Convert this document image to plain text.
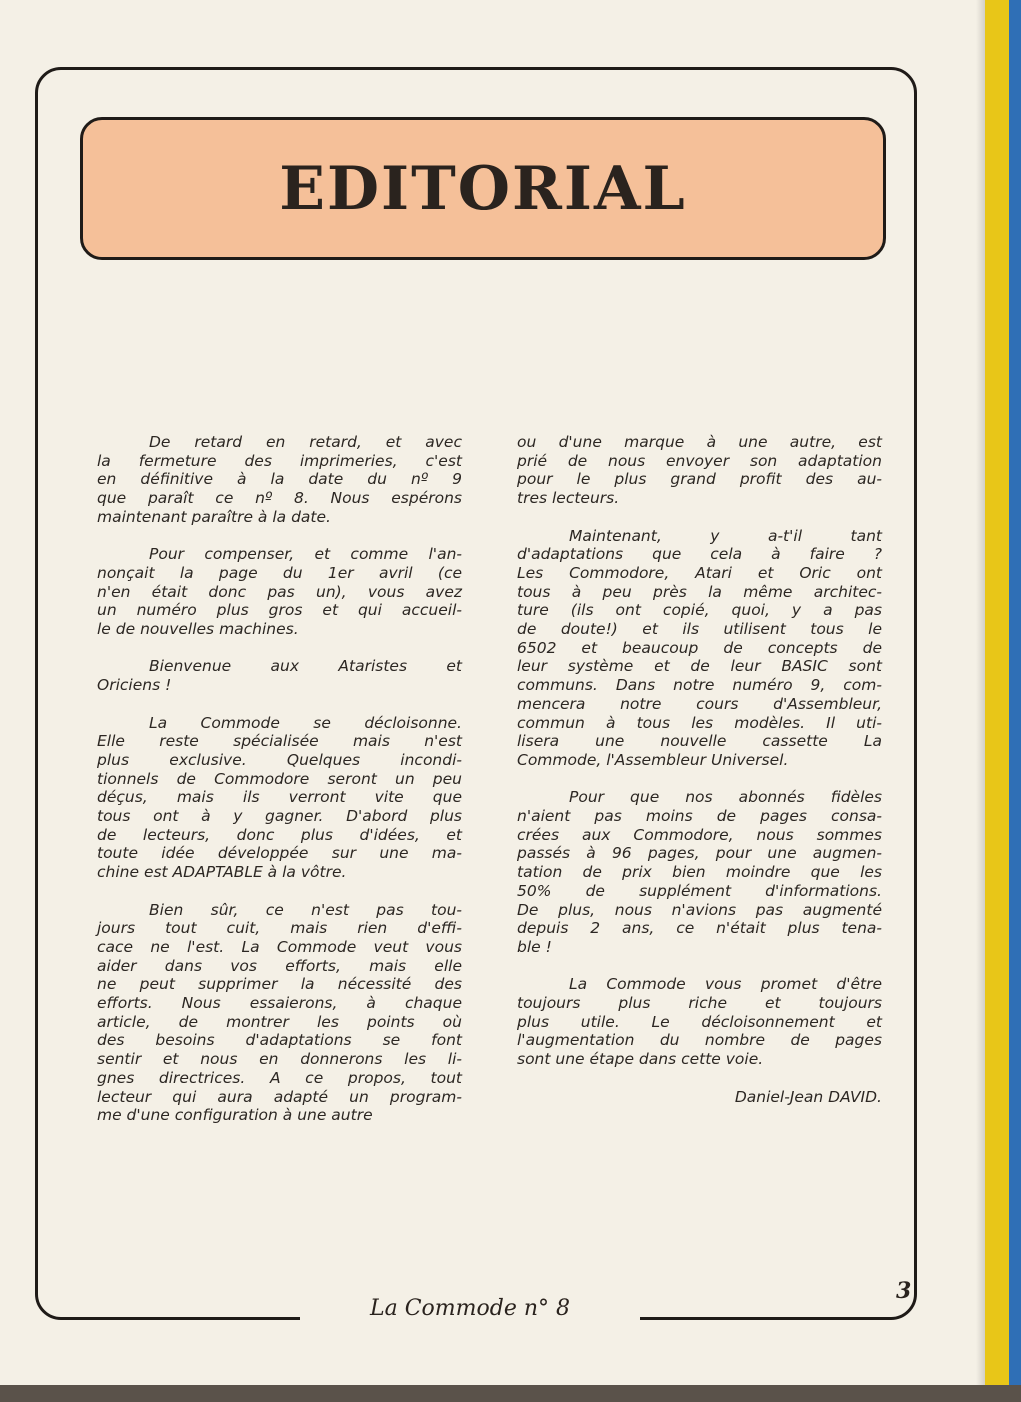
EDITORIAL

De retard en retard, et avec
la fermeture des imprimeries, c'est
en définitive à la date du nº 9
que paraît ce nº 8. Nous espérons
maintenant paraître à la date.

Pour compenser, et comme l'an-
nonçait la page du 1er avril (ce
n'en était donc pas un), vous avez
un numéro plus gros et qui accueil-
le de nouvelles machines.

Bienvenue aux Ataristes et
Oriciens !

La Commode se décloisonne.
Elle reste spécialisée mais n'est
plus exclusive. Quelques incondi-
tionnels de Commodore seront un peu
déçus, mais ils verront vite que
tous ont à y gagner. D'abord plus
de lecteurs, donc plus d'idées, et
toute idée développée sur une ma-
chine est ADAPTABLE à la vôtre.

Bien sûr, ce n'est pas tou-
jours tout cuit, mais rien d'effi-
cace ne l'est. La Commode veut vous
aider dans vos efforts, mais elle
ne peut supprimer la nécessité des
efforts. Nous essaierons, à chaque
article, de montrer les points où
des besoins d'adaptations se font
sentir et nous en donnerons les li-
gnes directrices. A ce propos, tout
lecteur qui aura adapté un program-
me d'une configuration à une autre

ou d'une marque à une autre, est
prié de nous envoyer son adaptation
pour le plus grand profit des au-
tres lecteurs.

Maintenant, y a-t'il tant
d'adaptations que cela à faire ?
Les Commodore, Atari et Oric ont
tous à peu près la même architec-
ture (ils ont copié, quoi, y a pas
de doute!) et ils utilisent tous le
6502 et beaucoup de concepts de
leur système et de leur BASIC sont
communs. Dans notre numéro 9, com-
mencera notre cours d'Assembleur,
commun à tous les modèles. Il uti-
lisera une nouvelle cassette La
Commode, l'Assembleur Universel.

Pour que nos abonnés fidèles
n'aient pas moins de pages consa-
crées aux Commodore, nous sommes
passés à 96 pages, pour une augmen-
tation de prix bien moindre que les
50% de supplément d'informations.
De plus, nous n'avions pas augmenté
depuis 2 ans, ce n'était plus tena-
ble !

La Commode vous promet d'être
toujours plus riche et toujours
plus utile. Le décloisonnement et
l'augmentation du nombre de pages
sont une étape dans cette voie.

Daniel-Jean DAVID.
La Commode n° 8
3
